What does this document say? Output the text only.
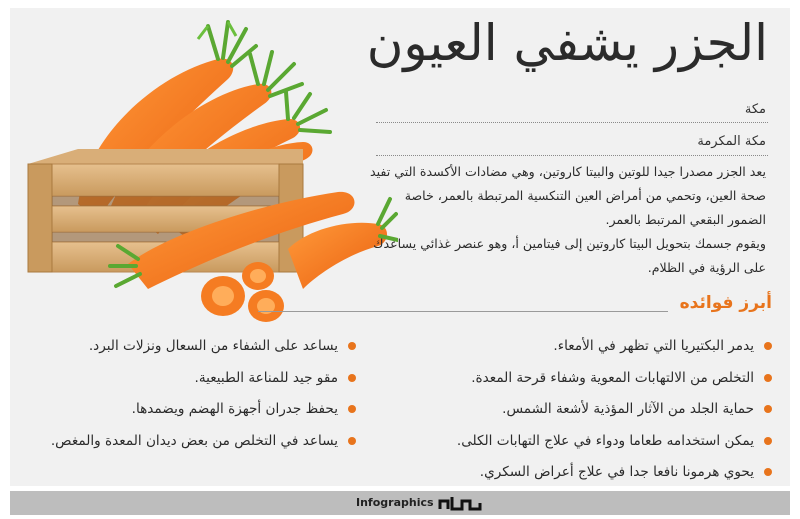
الجزر يشفي العيون
مكة
مكة المكرمة

يعد الجزر مصدرا جيدا للوتين والبيتا كاروتين، وهي مضادات الأكسدة التي تفيد صحة العين، وتحمي من أمراض العين التنكسية المرتبطة بالعمر، خاصة الضمور البقعي المرتبط بالعمر.

ويقوم جسمك بتحويل البيتا كاروتين إلى فيتامين أ، وهو عنصر غذائي يساعدك على الرؤية في الظلام.

أبرز فوائده
يدمر البكتيريا التي تظهر في الأمعاء.
التخلص من الالتهابات المعوية وشفاء قرحة المعدة.
حماية الجلد من الآثار المؤذية لأشعة الشمس.
يمكن استخدامه طعاما ودواء في علاج التهابات الكلى.
يحوي هرمونا نافعا جدا في علاج أعراض السكري.
يساعد على الشفاء من السعال ونزلات البرد.
مقو جيد للمناعة الطبيعية.
يحفظ جدران أجهزة الهضم ويضمدها.
يساعد في التخلص من بعض ديدان المعدة والمغص.
Infographics
